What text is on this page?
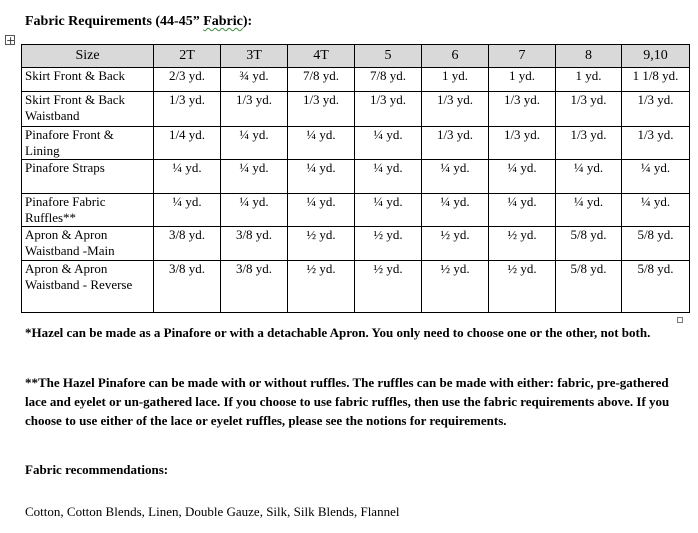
Fabric Requirements (44-45” Fabric):
+
Size	2T	3T	4T	5	6	7	8	9,10
Skirt Front & Back	2/3 yd.	¾ yd.	7/8 yd.	7/8 yd.	1 yd.	1 yd.	1 yd.	1 1/8 yd.
Skirt Front & Back Waistband	1/3 yd.	1/3 yd.	1/3 yd.	1/3 yd.	1/3 yd.	1/3 yd.	1/3 yd.	1/3 yd.
Pinafore Front & Lining	1/4 yd.	¼ yd.	¼ yd.	¼ yd.	1/3 yd.	1/3 yd.	1/3 yd.	1/3 yd.
Pinafore Straps	¼ yd.	¼ yd.	¼ yd.	¼ yd.	¼ yd.	¼ yd.	¼ yd.	¼ yd.
Pinafore Fabric Ruffles**	¼ yd.	¼ yd.	¼ yd.	¼ yd.	¼ yd.	¼ yd.	¼ yd.	¼ yd.
Apron & Apron Waistband -Main	3/8 yd.	3/8 yd.	½ yd.	½ yd.	½ yd.	½ yd.	5/8 yd.	5/8 yd.
Apron & Apron Waistband - Reverse	3/8 yd.	3/8 yd.	½ yd.	½ yd.	½ yd.	½ yd.	5/8 yd.	5/8 yd.
*Hazel can be made as a Pinafore or with a detachable Apron. You only need to choose one or the other, not both.
**The Hazel Pinafore can be made with or without ruffles. The ruffles can be made with either: fabric, pre-gathered lace and eyelet or un-gathered lace. If you choose to use fabric ruffles, then use the fabric requirements above. If you choose to use either of the lace or eyelet ruffles, please see the notions for requirements.
Fabric recommendations:
Cotton, Cotton Blends, Linen, Double Gauze, Silk, Silk Blends, Flannel
